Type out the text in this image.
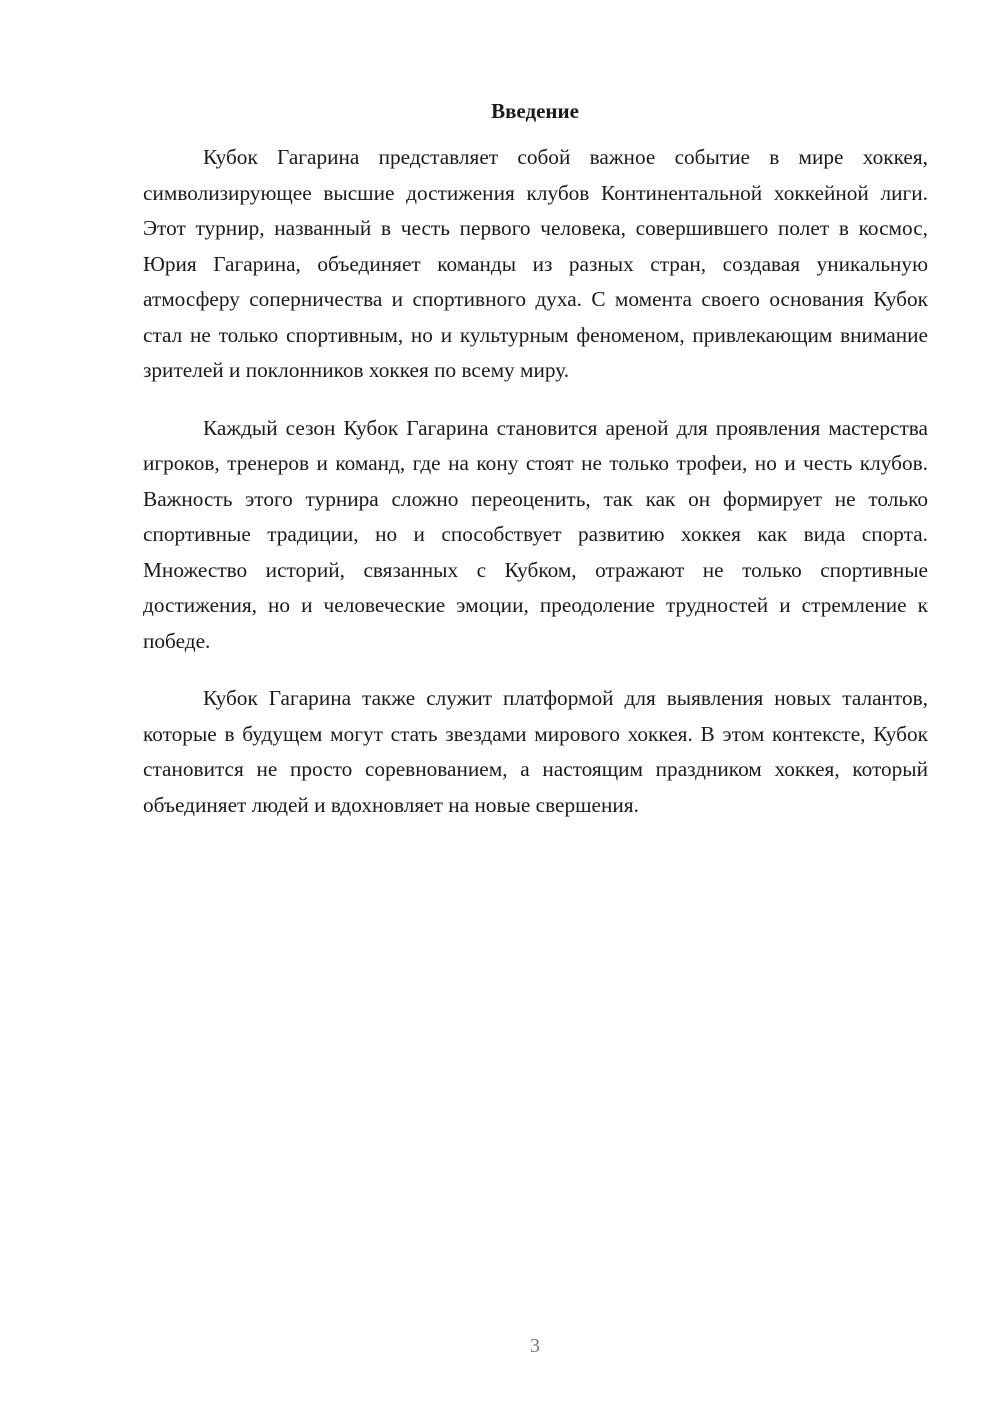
Введение

Кубок Гагарина представляет собой важное событие в мире хоккея, символизирующее высшие достижения клубов Континентальной хоккейной лиги. Этот турнир, названный в честь первого человека, совершившего полет в космос, Юрия Гагарина, объединяет команды из разных стран, создавая уникальную атмосферу соперничества и спортивного духа. С момента своего основания Кубок стал не только спортивным, но и культурным феноменом, привлекающим внимание зрителей и поклонников хоккея по всему миру.

Каждый сезон Кубок Гагарина становится ареной для проявления мастерства игроков, тренеров и команд, где на кону стоят не только трофеи, но и честь клубов. Важность этого турнира сложно переоценить, так как он формирует не только спортивные традиции, но и способствует развитию хоккея как вида спорта. Множество историй, связанных с Кубком, отражают не только спортивные достижения, но и человеческие эмоции, преодоление трудностей и стремление к победе.

Кубок Гагарина также служит платформой для выявления новых талантов, которые в будущем могут стать звездами мирового хоккея. В этом контексте, Кубок становится не просто соревнованием, а настоящим праздником хоккея, который объединяет людей и вдохновляет на новые свершения.

3
